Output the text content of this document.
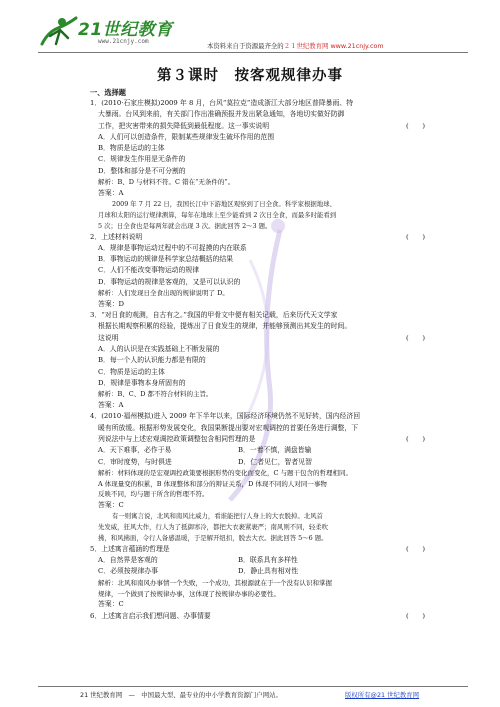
21世纪教育
www.21cnjy.com
本资料来自于资源最齐全的２１世纪教育网 www.21cnjy.com
第３课时　按客观规律办事
一、选择题
1．(2010·石家庄模拟)2009 年 8 月，台风“莫拉克”造成浙江大部分地区普降暴雨、特
大暴雨。台风到来前，有关部门作出准确预报并发出紧急通知，各地切实做好防御
工作，把灾害带来的损失降低到最低程度。这一事实说明	(　　)
A．人们可以创造条件，限制某些规律发生破坏作用的范围
B．物质是运动的主体
C．规律发生作用是无条件的
D．整体和部分是不可分割的
解析：B、D 与材料不符。C 错在“无条件的”。
答案：A
2009 年 7 月 22 日，我国长江中下游地区观察到了日全食。科学家根据地球、
月球和太阳的运行规律测算，每年在地球上至少能看到 2 次日全食，而最多时能看到
5 次；日全食也是每两年就会出现 3 次。据此回答 2～3 题。
2．上述材料说明	(　　)
A．规律是事物运动过程中的不可捉摸的内在联系
B．事物运动的规律是科学家总结概括的结果
C．人们不能改变事物运动的规律
D．事物运动的规律是客观的，又是可以认识的
解析：人们发现日全食出现的规律说明了 D。
答案：D
3．“对日食的观测，自古有之。”我国的甲骨文中便有相关记载，后来历代天文学家
根据长期观察积累的经验，提炼出了日食发生的规律，并能够预测出其发生的时间。
这说明	(　　)
A．人的认识是在实践基础上不断发展的
B．每一个人的认识能力都是有限的
C．物质是运动的主体
D．规律是事物本身所固有的
解析：B、C、D 都不符合材料的主旨。
答案：A
4．(2010·福州模拟)进入 2009 年下半年以来，国际经济环境仍然不见好转，国内经济回
暖有所放缓。根据形势发展变化，我国果断提出要对宏观调控的首要任务进行调整，下
列说法中与上述宏观调控政策调整包含相同哲理的是	(　　)
A．天下难事，必作于易	B．一着不慎，满盘皆输
C．审时度势，与时俱进	D．仁者见仁，智者见智
解析：材料体现的是宏观调控政策要根据形势的变化而变化，C 与题干包含的哲理相同。
A 体现量变的积累，B 体现整体和部分的辩证关系，D 体现不同的人对同一事物
反映不同，均与题干所含的哲理不符。
答案：C
有一则寓言说，北风和南风比威力，看谁能把行人身上的大衣脱掉。北风首
先发威，狂风大作，行人为了抵御寒冷，都把大衣裹紧裹严；南风则不同，轻柔吹
拂，和风拂面，令行人备感温暖，于是解开纽扣，脱去大衣。据此回答 5～6 题。
5．上述寓言蕴涵的哲理是	(　　)
A．自然界是客观的	B．联系具有多样性
C．必须按规律办事	D．静止具有相对性
解析：北风和南风办事情一个失败，一个成功，其根源就在于一个没有认识和掌握
规律，一个做到了按规律办事，这体现了按规律办事的必要性。
答案：C
6．上述寓言启示我们想问题、办事情要	(　　)
21 世纪教育网　—　中国最大型、最专业的中小学教育资源门户网站。	版权所有@21 世纪教育网
